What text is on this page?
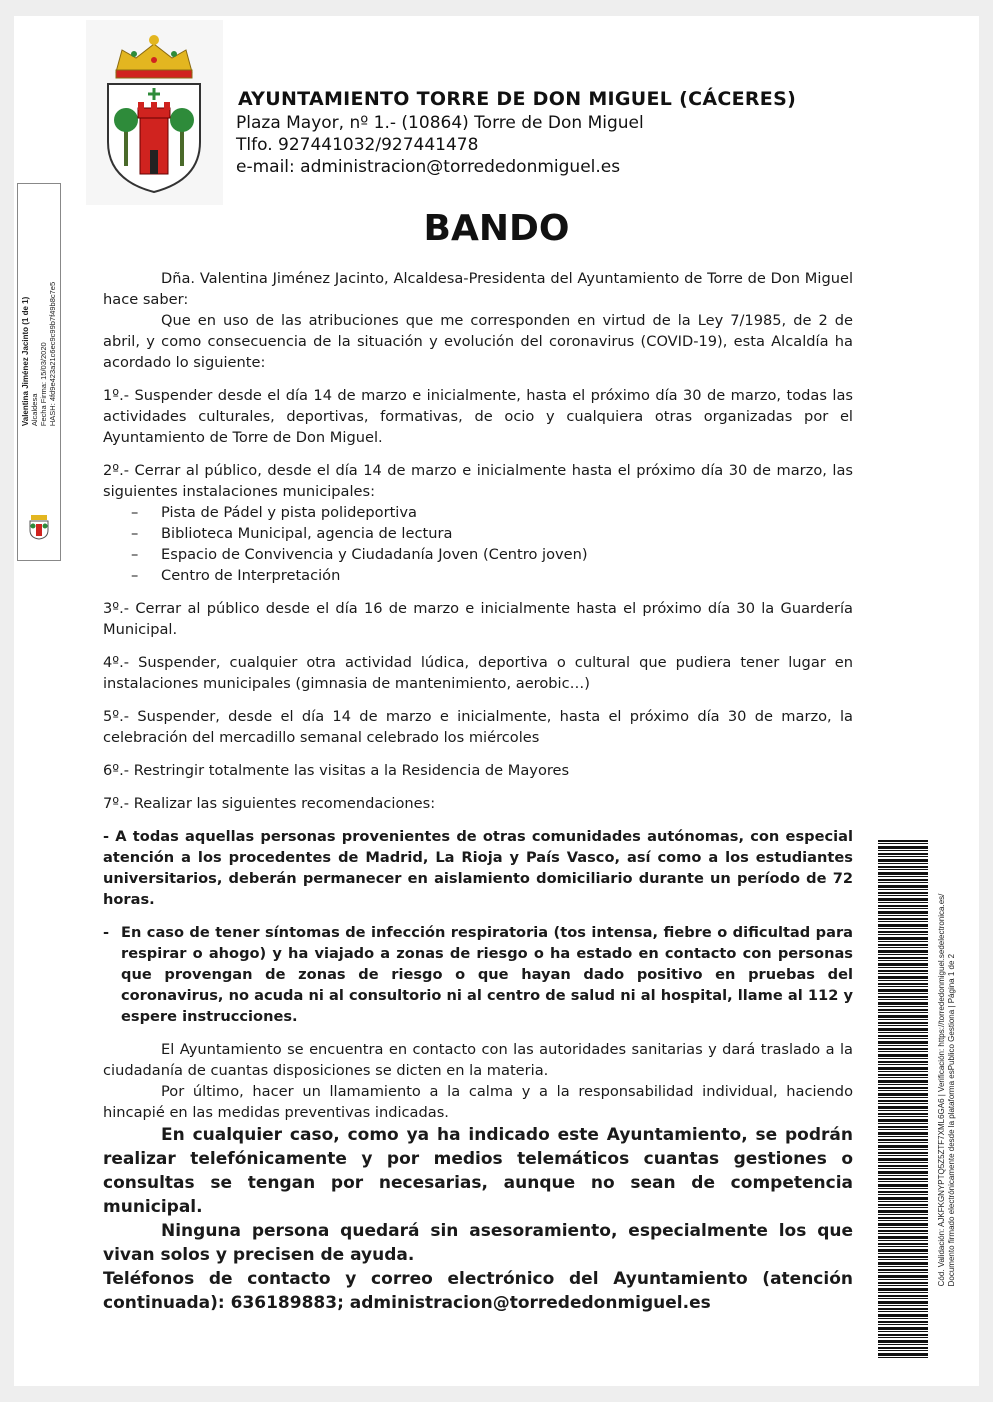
AYUNTAMIENTO TORRE DE DON MIGUEL (CÁCERES)
Plaza Mayor, nº 1.- (10864) Torre de Don Miguel
Tlfo. 927441032/927441478
e-mail: administracion@torrededonmiguel.es
BANDO

Dña. Valentina Jiménez Jacinto, Alcaldesa-Presidenta del Ayuntamiento de Torre de Don Miguel hace saber:

Que en uso de las atribuciones que me corresponden en virtud de la Ley 7/1985, de 2 de abril, y como consecuencia de la situación y evolución del coronavirus (COVID-19), esta Alcaldía ha acordado lo siguiente:

1º.- Suspender desde el día 14 de marzo e inicialmente, hasta el próximo día 30 de marzo, todas las actividades culturales, deportivas, formativas, de ocio y cualquiera otras organizadas por el Ayuntamiento de Torre de Don Miguel.

2º.- Cerrar al público, desde el día 14 de marzo e inicialmente hasta el próximo día 30 de marzo, las siguientes instalaciones municipales:

– Pista de Pádel y pista polideportiva
– Biblioteca Municipal, agencia de lectura
– Espacio de Convivencia y Ciudadanía Joven (Centro joven)
– Centro de Interpretación

3º.- Cerrar al público desde el día 16 de marzo e inicialmente hasta el próximo día 30 la Guardería Municipal.

4º.- Suspender, cualquier otra actividad lúdica, deportiva o cultural que pudiera tener lugar en instalaciones municipales (gimnasia de mantenimiento, aerobic…)

5º.- Suspender, desde el día 14 de marzo e inicialmente, hasta el próximo día 30 de marzo, la celebración del mercadillo semanal celebrado los miércoles

6º.- Restringir totalmente las visitas a la Residencia de Mayores

7º.- Realizar las siguientes recomendaciones:

- A todas aquellas personas provenientes de otras comunidades autónomas, con especial atención a los procedentes de Madrid, La Rioja y País Vasco, así como a los estudiantes universitarios, deberán permanecer en aislamiento domiciliario durante un período de 72 horas.

- En caso de tener síntomas de infección respiratoria (tos intensa, fiebre o dificultad para respirar o ahogo) y ha viajado a zonas de riesgo o ha estado en contacto con personas que provengan de zonas de riesgo o que hayan dado positivo en pruebas del coronavirus, no acuda ni al consultorio ni al centro de salud ni al hospital, llame al 112 y espere instrucciones.

El Ayuntamiento se encuentra en contacto con las autoridades sanitarias y dará traslado a la ciudadanía de cuantas disposiciones se dicten en la materia.

Por último, hacer un llamamiento a la calma y a la responsabilidad individual, haciendo hincapié en las medidas preventivas indicadas.

En cualquier caso, como ya ha indicado este Ayuntamiento, se podrán realizar telefónicamente y por medios telemáticos cuantas gestiones o consultas se tengan por necesarias, aunque no sean de competencia municipal.

Ninguna persona quedará sin asesoramiento, especialmente los que vivan solos y precisen de ayuda.

Teléfonos de contacto y correo electrónico del Ayuntamiento (atención continuada): 636189883; administracion@torrededonmiguel.es

Valentina Jiménez Jacinto (1 de 1) Alcaldesa Fecha Firma: 15/03/2020 HASH: 4fd9e423a21c6ec9c99b7f49b8c7e5
Cód. Validación: AJKFKGNYPTQ5Z5ZTF7XML6GA6 | Verificación: https://torrededonmiguel.sedelectronica.es/ Documento firmado electrónicamente desde la plataforma esPublico Gestiona | Página 1 de 2
